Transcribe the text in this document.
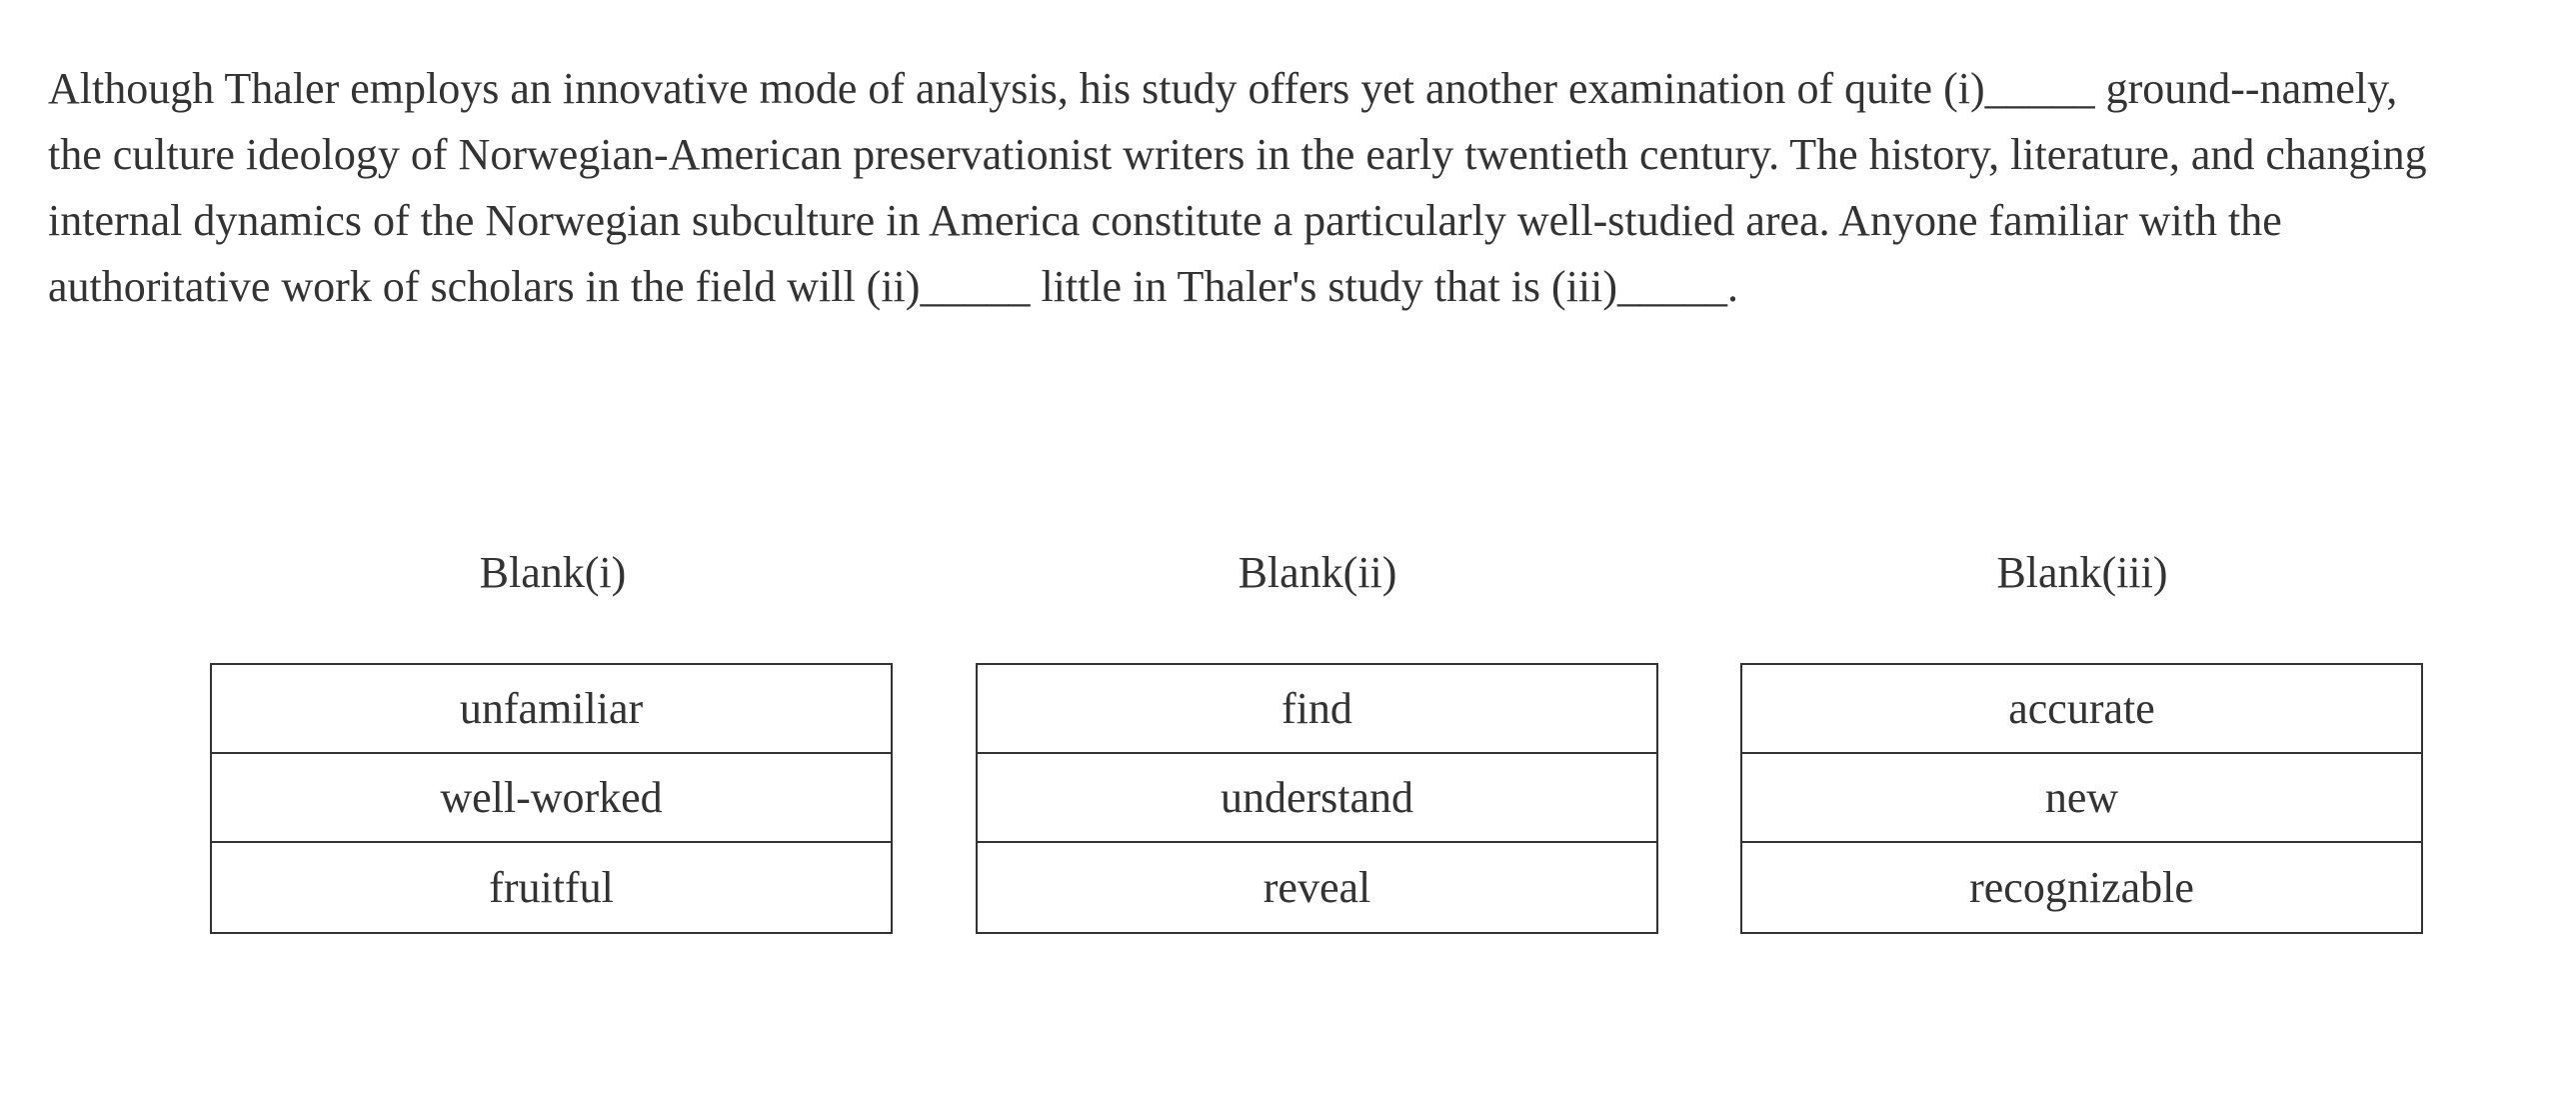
Although Thaler employs an innovative mode of analysis, his study offers yet another examination of quite (i)_____ ground--namely,
the culture ideology of Norwegian-American preservationist writers in the early twentieth century. The history, literature, and changing
internal dynamics of the Norwegian subculture in America constitute a particularly well-studied area. Anyone familiar with the
authoritative work of scholars in the field will (ii)_____ little in Thaler's study that is (iii)_____.
Blank(i)	Blank(ii)	Blank(iii)
unfamiliar
well-worked
fruitful
find
understand
reveal
accurate
new
recognizable
